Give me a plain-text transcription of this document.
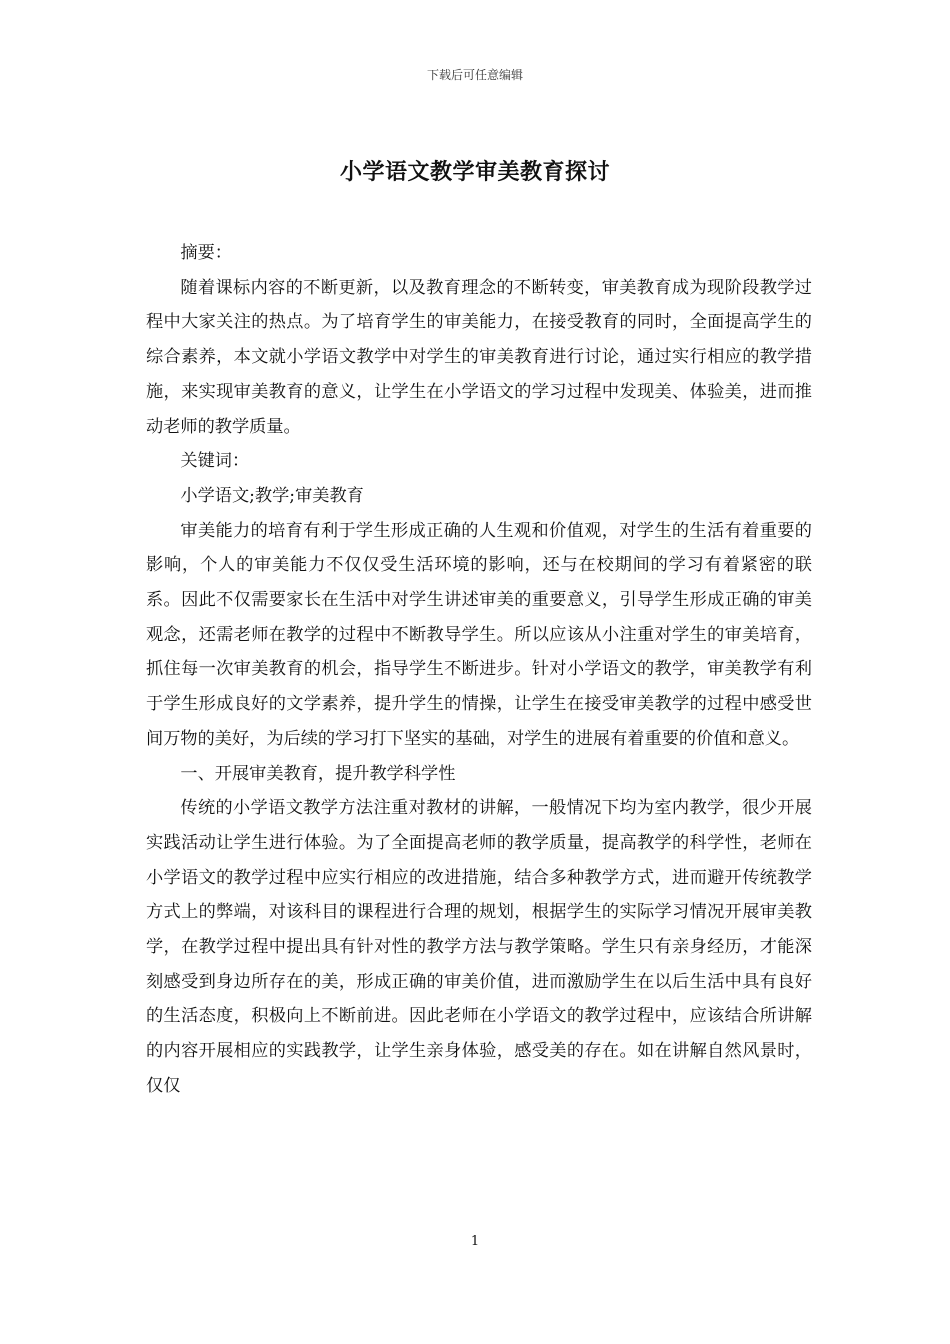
下载后可任意编辑
小学语文教学审美教育探讨

摘要：

随着课标内容的不断更新，以及教育理念的不断转变，审美教育成为现阶段教学过程中大家关注的热点。为了培育学生的审美能力，在接受教育的同时，全面提高学生的综合素养，本文就小学语文教学中对学生的审美教育进行讨论，通过实行相应的教学措施，来实现审美教育的意义，让学生在小学语文的学习过程中发现美、体验美，进而推动老师的教学质量。

关键词：

小学语文;教学;审美教育

审美能力的培育有利于学生形成正确的人生观和价值观，对学生的生活有着重要的影响，个人的审美能力不仅仅受生活环境的影响，还与在校期间的学习有着紧密的联系。因此不仅需要家长在生活中对学生讲述审美的重要意义，引导学生形成正确的审美观念，还需老师在教学的过程中不断教导学生。所以应该从小注重对学生的审美培育，抓住每一次审美教育的机会，指导学生不断进步。针对小学语文的教学，审美教学有利于学生形成良好的文学素养，提升学生的情操，让学生在接受审美教学的过程中感受世间万物的美好，为后续的学习打下坚实的基础，对学生的进展有着重要的价值和意义。

一、开展审美教育，提升教学科学性

传统的小学语文教学方法注重对教材的讲解，一般情况下均为室内教学，很少开展实践活动让学生进行体验。为了全面提高老师的教学质量，提高教学的科学性，老师在小学语文的教学过程中应实行相应的改进措施，结合多种教学方式，进而避开传统教学方式上的弊端，对该科目的课程进行合理的规划，根据学生的实际学习情况开展审美教学，在教学过程中提出具有针对性的教学方法与教学策略。学生只有亲身经历，才能深刻感受到身边所存在的美，形成正确的审美价值，进而激励学生在以后生活中具有良好的生活态度，积极向上不断前进。因此老师在小学语文的教学过程中，应该结合所讲解的内容开展相应的实践教学，让学生亲身体验，感受美的存在。如在讲解自然风景时，仅仅

1
